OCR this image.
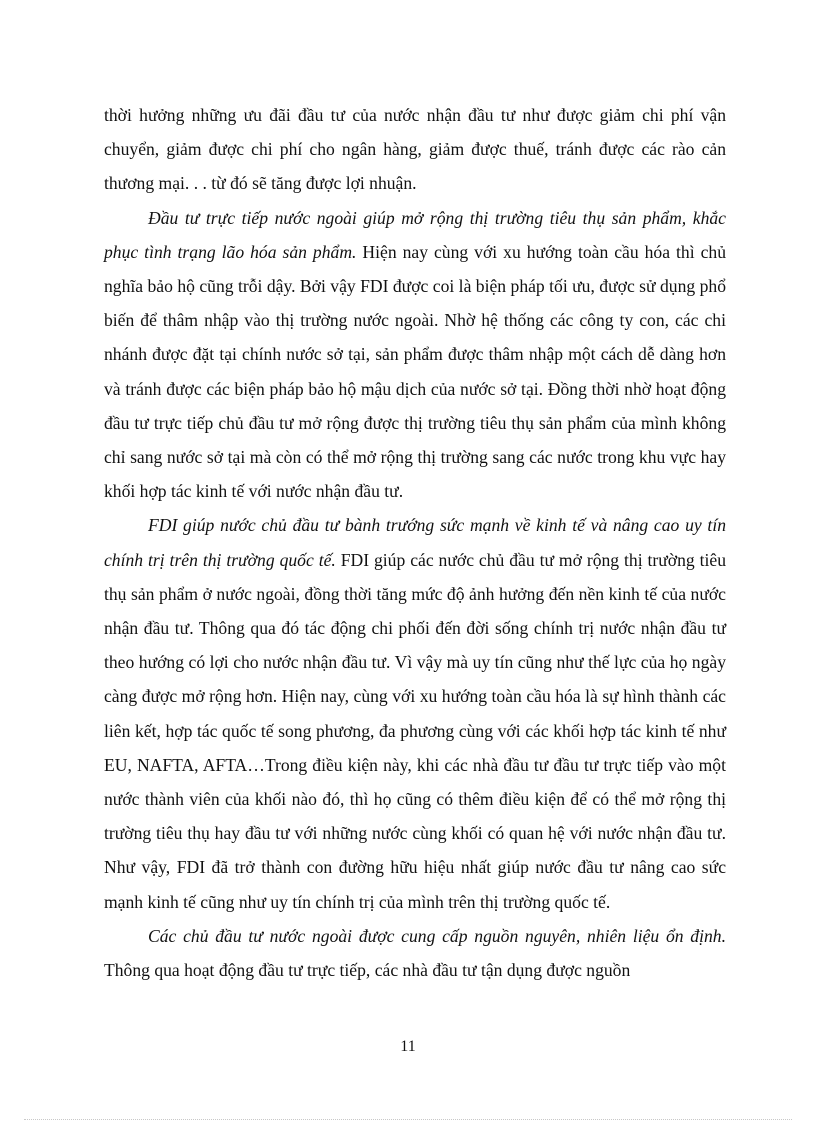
thời hưởng những ưu đãi đầu tư của nước nhận đầu tư như được giảm chi phí vận chuyển, giảm được chi phí cho ngân hàng, giảm được thuế, tránh được các rào cản thương mại. . . từ đó sẽ tăng được lợi nhuận.

Đầu tư trực tiếp nước ngoài giúp mở rộng thị trường tiêu thụ sản phẩm, khắc phục tình trạng lão hóa sản phẩm. Hiện nay cùng với xu hướng toàn cầu hóa thì chủ nghĩa bảo hộ cũng trỗi dậy. Bởi vậy FDI được coi là biện pháp tối ưu, được sử dụng phổ biến để thâm nhập vào thị trường nước ngoài. Nhờ hệ thống các công ty con, các chi nhánh được đặt tại chính nước sở tại, sản phẩm được thâm nhập một cách dễ dàng hơn và tránh được các biện pháp bảo hộ mậu dịch của nước sở tại. Đồng thời nhờ hoạt động đầu tư trực tiếp chủ đầu tư mở rộng được thị trường tiêu thụ sản phẩm của mình không chỉ sang nước sở tại mà còn có thể mở rộng thị trường sang các nước trong khu vực hay khối hợp tác kinh tế với nước nhận đầu tư.

FDI giúp nước chủ đầu tư bành trướng sức mạnh về kinh tế và nâng cao uy tín chính trị trên thị trường quốc tế. FDI giúp các nước chủ đầu tư mở rộng thị trường tiêu thụ sản phẩm ở nước ngoài, đồng thời tăng mức độ ảnh hưởng đến nền kinh tế của nước nhận đầu tư. Thông qua đó tác động chi phối đến đời sống chính trị nước nhận đầu tư theo hướng có lợi cho nước nhận đầu tư. Vì vậy mà uy tín cũng như thế lực của họ ngày càng được mở rộng hơn. Hiện nay, cùng với xu hướng toàn cầu hóa là sự hình thành các liên kết, hợp tác quốc tế song phương, đa phương cùng với các khối hợp tác kinh tế như EU, NAFTA, AFTA…Trong điều kiện này, khi các nhà đầu tư đầu tư trực tiếp vào một nước thành viên của khối nào đó, thì họ cũng có thêm điều kiện để có thể mở rộng thị trường tiêu thụ hay đầu tư với những nước cùng khối có quan hệ với nước nhận đầu tư. Như vậy, FDI đã trở thành con đường hữu hiệu nhất giúp nước đầu tư nâng cao sức mạnh kinh tế cũng như uy tín chính trị của mình trên thị trường quốc tế.

Các chủ đầu tư nước ngoài được cung cấp nguồn nguyên, nhiên liệu ổn định. Thông qua hoạt động đầu tư trực tiếp, các nhà đầu tư tận dụng được nguồn

11
